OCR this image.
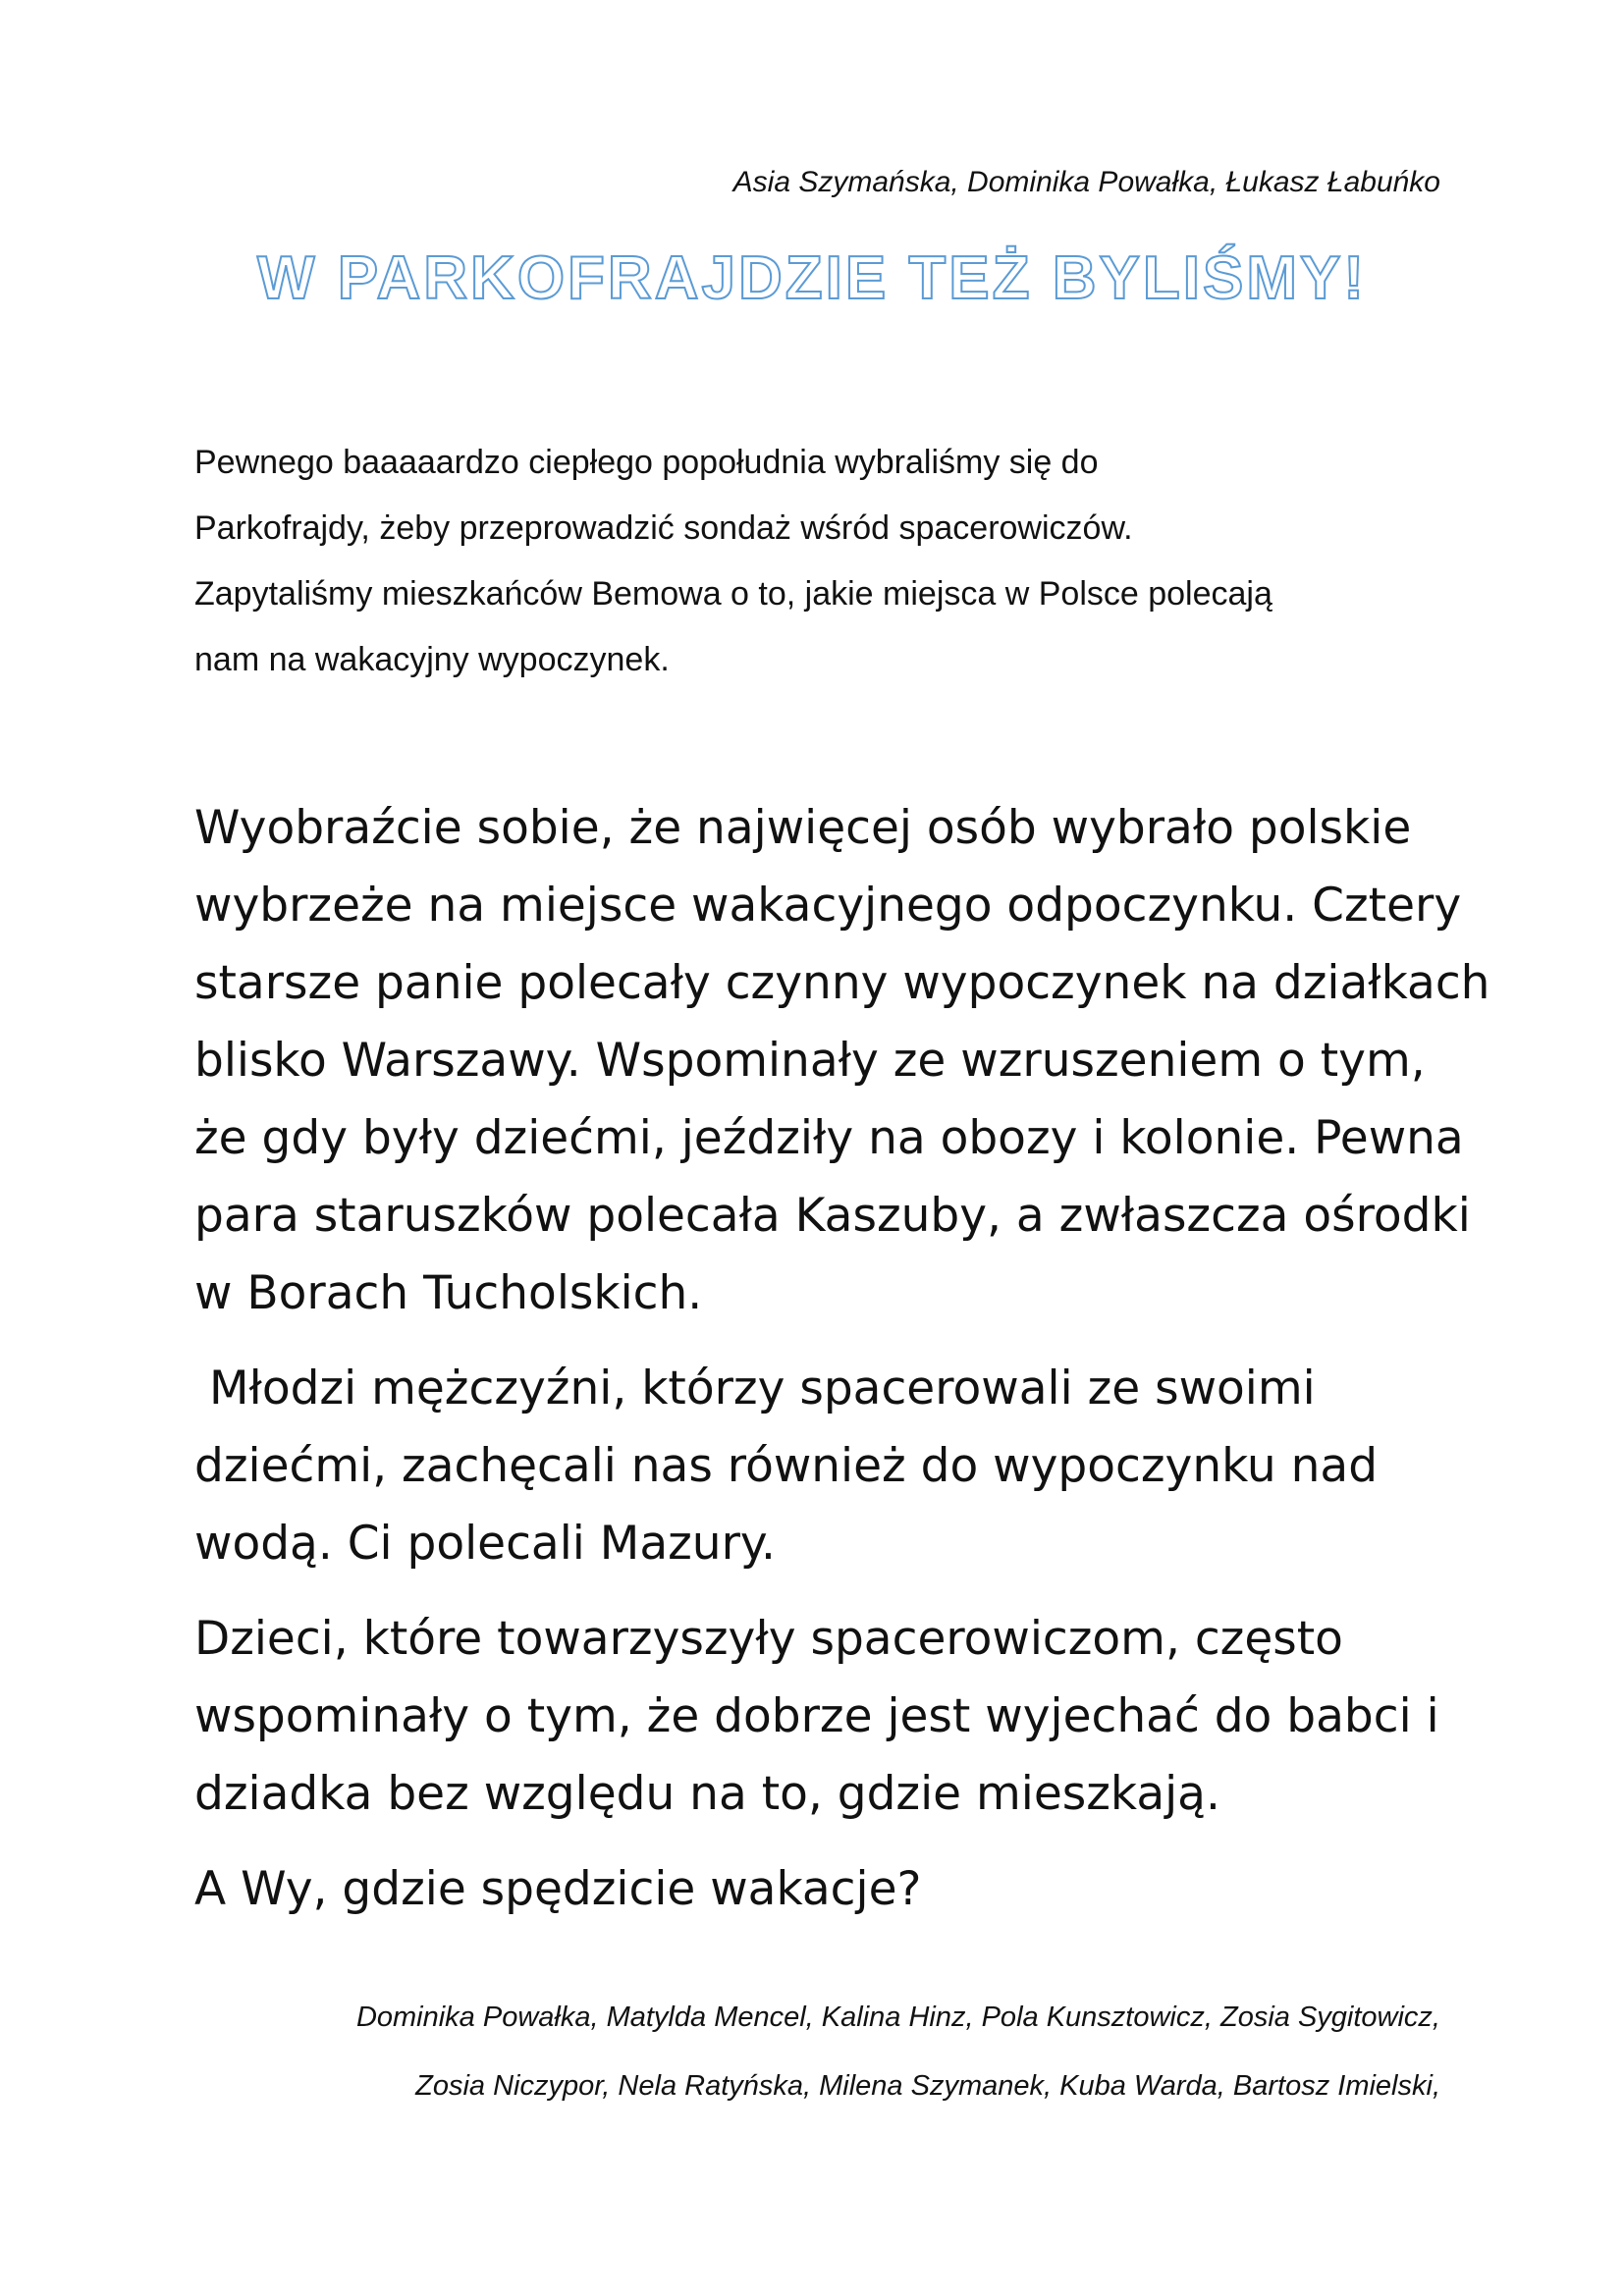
Asia Szymańska, Dominika Powałka, Łukasz Łabuńko
W PARKOFRAJDZIE TEŻ BYLIŚMY!
Pewnego baaaaardzo ciepłego popołudnia wybraliśmy się do
Parkofrajdy, żeby przeprowadzić sondaż wśród spacerowiczów.
Zapytaliśmy mieszkańców Bemowa o to, jakie miejsca w Polsce polecają
nam na wakacyjny wypoczynek.

Wyobraźcie sobie, że najwięcej osób wybrało polskie
wybrzeże na miejsce wakacyjnego odpoczynku. Cztery
starsze panie polecały czynny wypoczynek na działkach
blisko Warszawy. Wspominały ze wzruszeniem o tym,
że gdy były dziećmi, jeździły na obozy i kolonie. Pewna
para staruszków polecała Kaszuby, a zwłaszcza ośrodki
w Borach Tucholskich.

Młodzi mężczyźni, którzy spacerowali ze swoimi
dziećmi, zachęcali nas również do wypoczynku nad
wodą. Ci polecali Mazury.

Dzieci, które towarzyszyły spacerowiczom, często
wspominały o tym, że dobrze jest wyjechać do babci i
dziadka bez względu na to, gdzie mieszkają.

A Wy, gdzie spędzicie wakacje?

Dominika Powałka, Matylda Mencel, Kalina Hinz, Pola Kunsztowicz, Zosia Sygitowicz,
Zosia Niczypor, Nela Ratyńska, Milena Szymanek, Kuba Warda, Bartosz Imielski,
